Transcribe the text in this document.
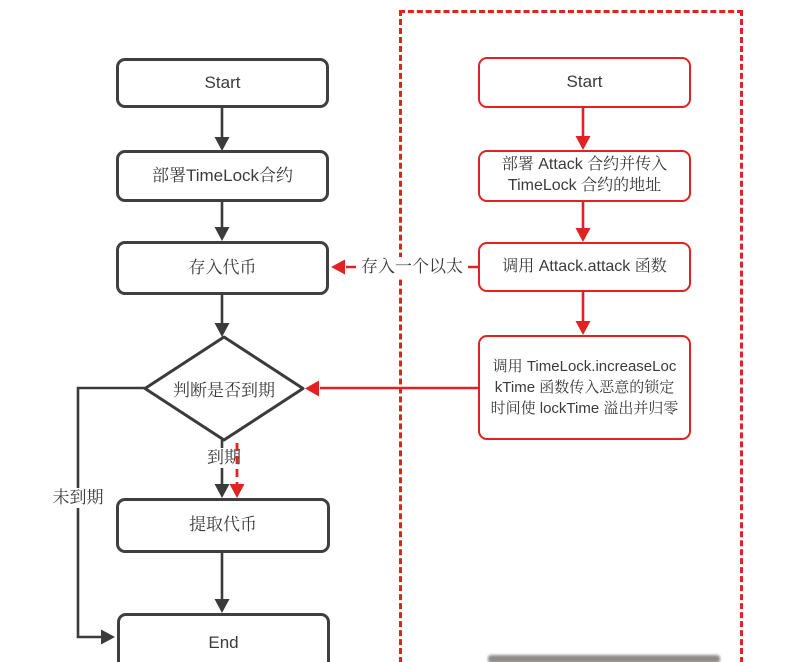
Start
部署TimeLock合约
存入代币
判断是否到期
提取代币
End
Start
部署 Attack 合约并传入 TimeLock 合约的地址
调用 Attack.attack 函数
调用 TimeLock.increaseLockTime 函数传入恶意的锁定时间使 lockTime 溢出并归零
到期
未到期
存入一个以太
